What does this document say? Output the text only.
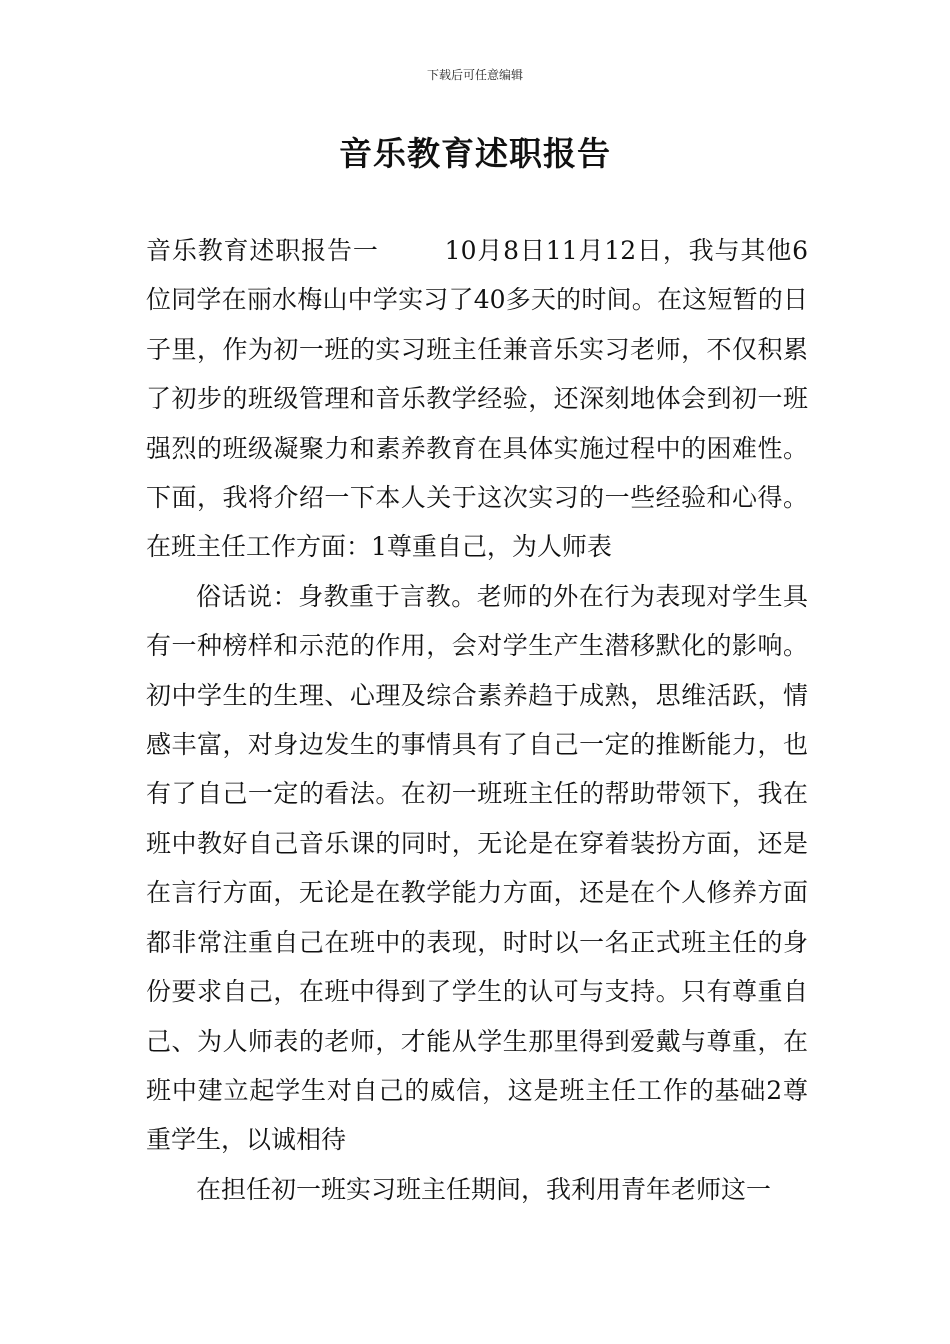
下载后可任意编辑
音乐教育述职报告

音乐教育述职报告一	10月8日11月12日，我与其他6位同学在丽水梅山中学实习了40多天的时间。在这短暂的日子里，作为初一班的实习班主任兼音乐实习老师，不仅积累了初步的班级管理和音乐教学经验，还深刻地体会到初一班强烈的班级凝聚力和素养教育在具体实施过程中的困难性。下面，我将介绍一下本人关于这次实习的一些经验和心得。在班主任工作方面：1尊重自己，为人师表

俗话说：身教重于言教。老师的外在行为表现对学生具有一种榜样和示范的作用，会对学生产生潜移默化的影响。初中学生的生理、心理及综合素养趋于成熟，思维活跃，情感丰富，对身边发生的事情具有了自己一定的推断能力，也有了自己一定的看法。在初一班班主任的帮助带领下，我在班中教好自己音乐课的同时，无论是在穿着装扮方面，还是在言行方面，无论是在教学能力方面，还是在个人修养方面都非常注重自己在班中的表现，时时以一名正式班主任的身份要求自己，在班中得到了学生的认可与支持。只有尊重自己、为人师表的老师，才能从学生那里得到爱戴与尊重，在班中建立起学生对自己的威信，这是班主任工作的基础2尊重学生，以诚相待

在担任初一班实习班主任期间，我利用青年老师这一
